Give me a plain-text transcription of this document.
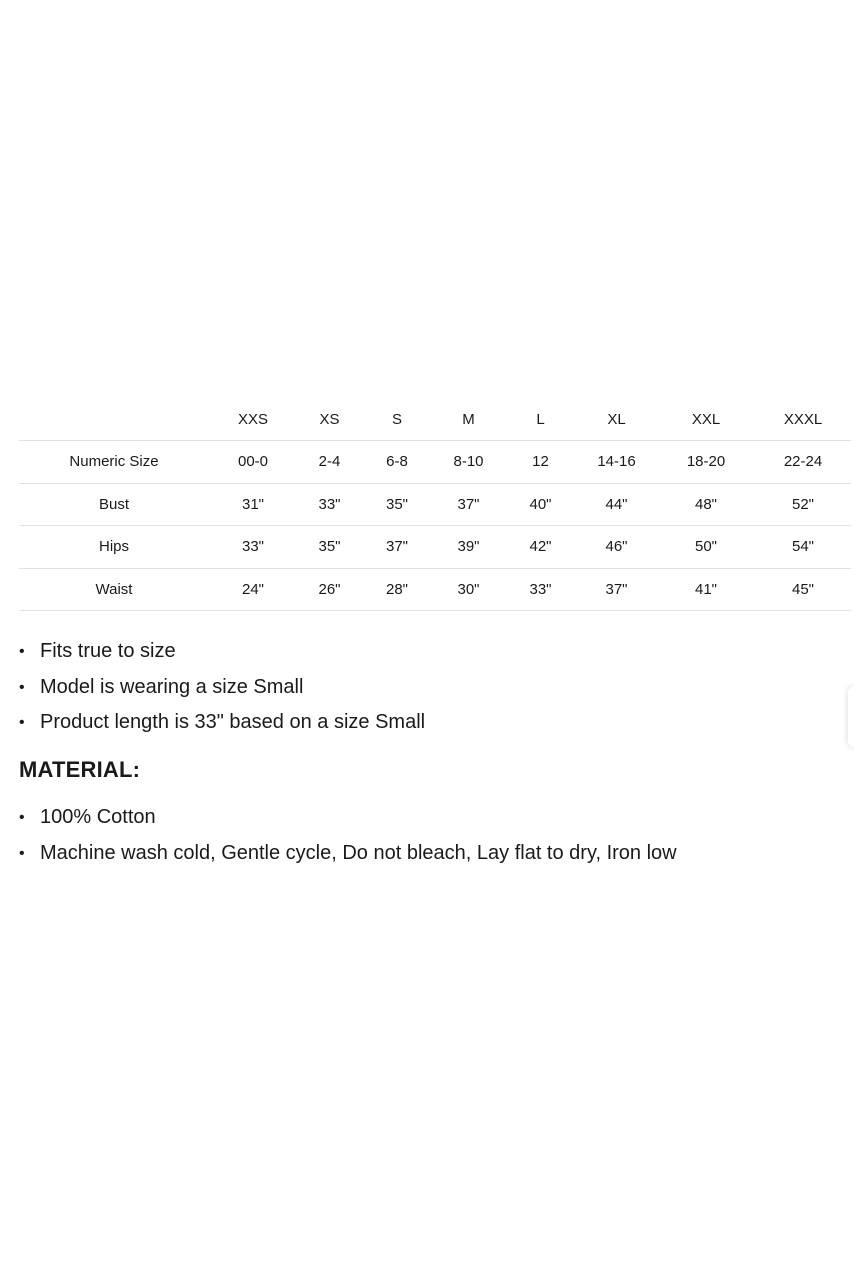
	XXS	XS	S	M	L	XL	XXL	XXXL
Numeric Size	00-0	2-4	6-8	8-10	12	14-16	18-20	22-24
Bust	31"	33"	35"	37"	40"	44"	48"	52"
Hips	33"	35"	37"	39"	42"	46"	50"	54"
Waist	24"	26"	28"	30"	33"	37"	41"	45"
• Fits true to size
• Model is wearing a size Small
• Product length is 33" based on a size Small
MATERIAL:
• 100% Cotton
• Machine wash cold, Gentle cycle, Do not bleach, Lay flat to dry, Iron low
